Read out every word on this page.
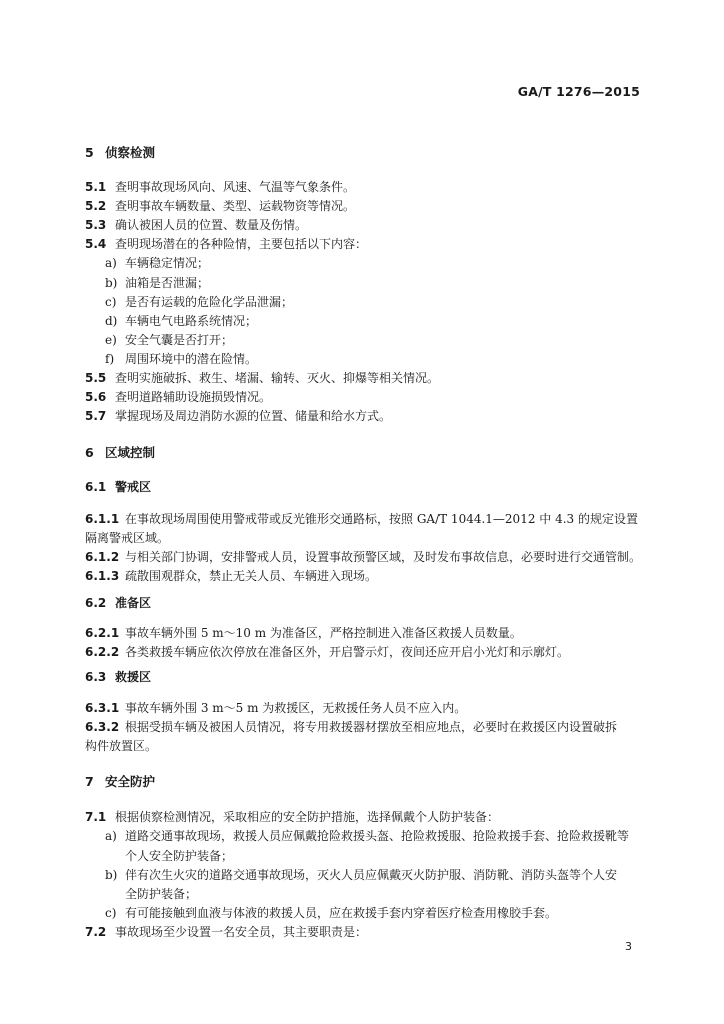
GA/T 1276—2015
5 侦察检测
5.1 查明事故现场风向、风速、气温等气象条件。
5.2 查明事故车辆数量、类型、运载物资等情况。
5.3 确认被困人员的位置、数量及伤情。
5.4 查明现场潜在的各种险情，主要包括以下内容：
a) 车辆稳定情况；
b) 油箱是否泄漏；
c) 是否有运载的危险化学品泄漏；
d) 车辆电气电路系统情况；
e) 安全气囊是否打开；
f) 周围环境中的潜在险情。
5.5 查明实施破拆、救生、堵漏、输转、灭火、抑爆等相关情况。
5.6 查明道路辅助设施损毁情况。
5.7 掌握现场及周边消防水源的位置、储量和给水方式。
6 区域控制
6.1 警戒区
6.1.1 在事故现场周围使用警戒带或反光锥形交通路标，按照 GA/T 1044.1—2012 中 4.3 的规定设置
隔离警戒区域。
6.1.2 与相关部门协调，安排警戒人员，设置事故预警区域，及时发布事故信息，必要时进行交通管制。
6.1.3 疏散围观群众，禁止无关人员、车辆进入现场。
6.2 准备区
6.2.1 事故车辆外围 5 m～10 m 为准备区，严格控制进入准备区救援人员数量。
6.2.2 各类救援车辆应依次停放在准备区外，开启警示灯，夜间还应开启小光灯和示廓灯。
6.3 救援区
6.3.1 事故车辆外围 3 m～5 m 为救援区，无救援任务人员不应入内。
6.3.2 根据受损车辆及被困人员情况，将专用救援器材摆放至相应地点，必要时在救援区内设置破拆
构件放置区。
7 安全防护
7.1 根据侦察检测情况，采取相应的安全防护措施，选择佩戴个人防护装备：
a) 道路交通事故现场，救援人员应佩戴抢险救援头盔、抢险救援服、抢险救援手套、抢险救援靴等
个人安全防护装备；
b) 伴有次生火灾的道路交通事故现场，灭火人员应佩戴灭火防护服、消防靴、消防头盔等个人安
全防护装备；
c) 有可能接触到血液与体液的救援人员，应在救援手套内穿着医疗检查用橡胶手套。
7.2 事故现场至少设置一名安全员，其主要职责是：
3
